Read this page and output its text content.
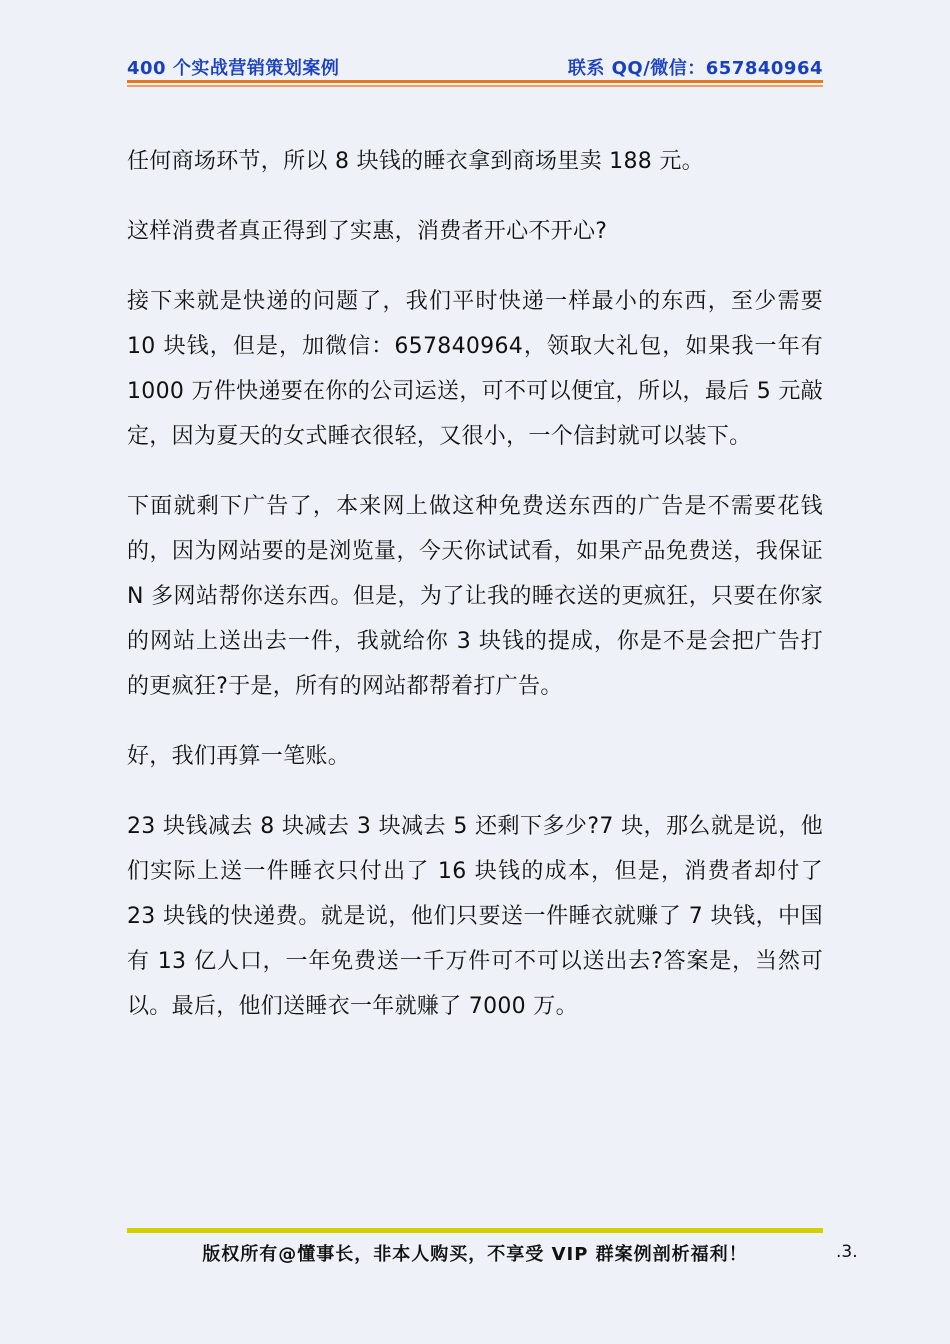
400 个实战营销策划案例	联系 QQ/微信：657840964

任何商场环节，所以 8 块钱的睡衣拿到商场里卖 188 元。

这样消费者真正得到了实惠，消费者开心不开心?

接下来就是快递的问题了，我们平时快递一样最小的东西，至少需要 10 块钱，但是，加微信：657840964，领取大礼包，如果我一年有 1000 万件快递要在你的公司运送，可不可以便宜，所以，最后 5 元敲定，因为夏天的女式睡衣很轻，又很小，一个信封就可以装下。

下面就剩下广告了，本来网上做这种免费送东西的广告是不需要花钱的，因为网站要的是浏览量，今天你试试看，如果产品免费送，我保证 N 多网站帮你送东西。但是，为了让我的睡衣送的更疯狂，只要在你家的网站上送出去一件，我就给你 3 块钱的提成，你是不是会把广告打的更疯狂?于是，所有的网站都帮着打广告。

好，我们再算一笔账。

23 块钱减去 8 块减去 3 块减去 5 还剩下多少?7 块，那么就是说，他们实际上送一件睡衣只付出了 16 块钱的成本，但是，消费者却付了 23 块钱的快递费。就是说，他们只要送一件睡衣就赚了 7 块钱，中国有 13 亿人口，一年免费送一千万件可不可以送出去?答案是，当然可以。最后，他们送睡衣一年就赚了 7000 万。

版权所有@懂事长，非本人购买，不享受 VIP 群案例剖析福利！	.3.
